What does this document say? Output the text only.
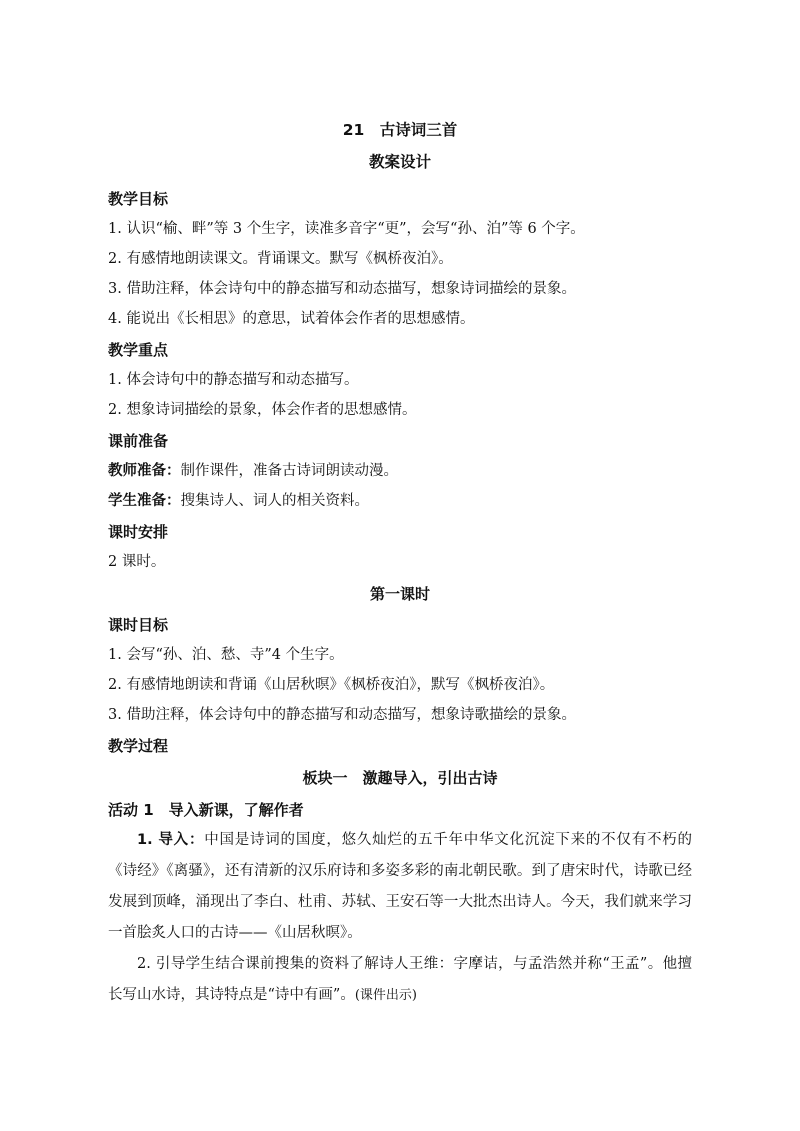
21　古诗词三首
教案设计
教学目标
1. 认识“榆、畔”等 3 个生字，读准多音字“更”，会写“孙、泊”等 6 个字。
2. 有感情地朗读课文。背诵课文。默写《枫桥夜泊》。
3. 借助注释，体会诗句中的静态描写和动态描写，想象诗词描绘的景象。
4. 能说出《长相思》的意思，试着体会作者的思想感情。
教学重点
1. 体会诗句中的静态描写和动态描写。
2. 想象诗词描绘的景象，体会作者的思想感情。
课前准备
教师准备：制作课件，准备古诗词朗读动漫。
学生准备：搜集诗人、词人的相关资料。
课时安排
2 课时。
第一课时
课时目标
1. 会写“孙、泊、愁、寺”4 个生字。
2. 有感情地朗读和背诵《山居秋暝》《枫桥夜泊》，默写《枫桥夜泊》。
3. 借助注释，体会诗句中的静态描写和动态描写，想象诗歌描绘的景象。
教学过程
板块一　激趣导入，引出古诗
活动 1　导入新课，了解作者
1. 导入：中国是诗词的国度，悠久灿烂的五千年中华文化沉淀下来的不仅有不朽的《诗经》《离骚》，还有清新的汉乐府诗和多姿多彩的南北朝民歌。到了唐宋时代，诗歌已经发展到顶峰，涌现出了李白、杜甫、苏轼、王安石等一大批杰出诗人。今天，我们就来学习一首脍炙人口的古诗——《山居秋暝》。
2. 引导学生结合课前搜集的资料了解诗人王维：字摩诘，与孟浩然并称“王孟”。他擅长写山水诗，其诗特点是“诗中有画”。(课件出示)
